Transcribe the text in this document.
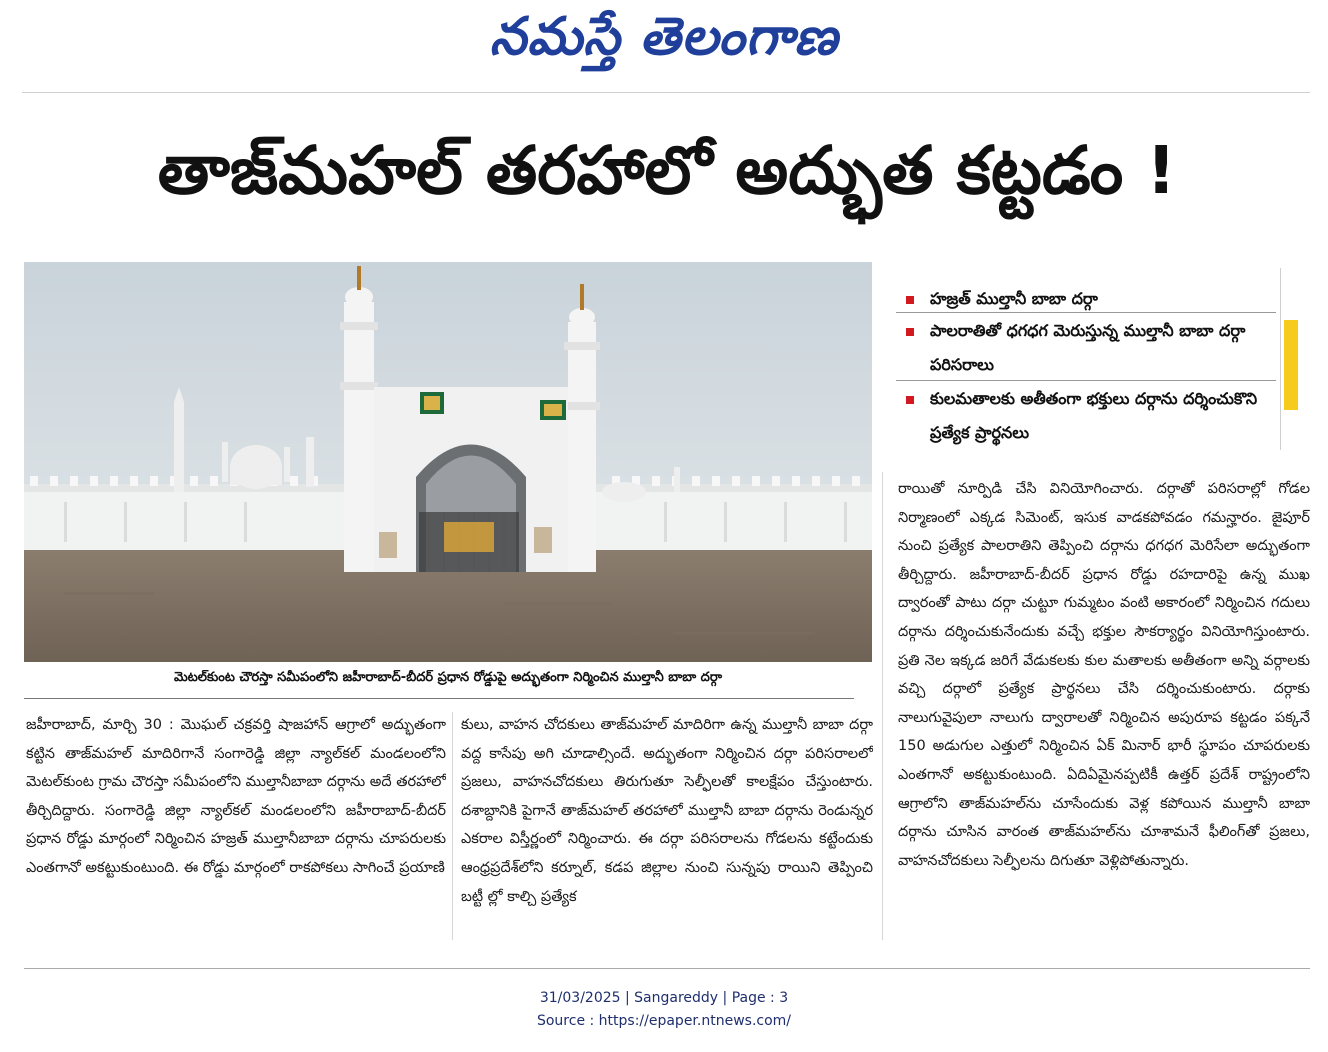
నమస్తే తెలంగాణ
తాజ్‌మహల్ తరహాలో అద్భుత కట్టడం !
మెటల్‌కుంట చౌరస్తా సమీపంలోని జహీరాబాద్-బీదర్ ప్రధాన రోడ్డుపై అద్భుతంగా నిర్మించిన ముల్తానీ బాబా దర్గా
హజ్రత్ ముల్తానీ బాబా దర్గా
పాలరాతితో ధగధగ మెరుస్తున్న ముల్తానీ బాబా దర్గా పరిసరాలు
కులమతాలకు అతీతంగా భక్తులు దర్గాను దర్శించుకొని ప్రత్యేక ప్రార్థనలు

జహీరాబాద్, మార్చి 30 : మొఘల్ చక్రవర్తి షాజహాన్ ఆగ్రాలో అద్భుతంగా కట్టిన తాజ్‌మహల్ మాదిరిగానే సంగారెడ్డి జిల్లా న్యాల్‌కల్ మండలంలోని మెటల్‌కుంట గ్రామ చౌరస్తా సమీపంలోని ముల్తానీబాబా దర్గాను అదే తరహాలో తీర్చిదిద్దారు. సంగారెడ్డి జిల్లా న్యాల్‌కల్ మండలంలోని జహీరాబాద్-బీదర్ ప్రధాన రోడ్డు మార్గంలో నిర్మించిన హజ్రత్ ముల్తానీబాబా దర్గాను చూపరులకు ఎంతగానో అకట్టుకుంటుంది. ఈ రోడ్డు మార్గంలో రాకపోకలు సాగించే ప్రయాణి

కులు, వాహన చోదకులు తాజ్‌మహల్ మాదిరిగా ఉన్న ముల్తానీ బాబా దర్గా వద్ద కాసేపు అగి చూడాల్సిందే. అద్భుతంగా నిర్మించిన దర్గా పరిసరాలలో ప్రజలు, వాహనచోదకులు తిరుగుతూ సెల్ఫీలతో కాలక్షేపం చేస్తుంటారు. దశాబ్దానికి పైగానే తాజ్‌మహల్ తరహాలో ముల్తానీ బాబా దర్గాను రెండున్నర ఎకరాల విస్తీర్ణంలో నిర్మించారు. ఈ దర్గా పరిసరాలను గోడలను కట్టేందుకు ఆంధ్రప్రదేశ్‌లోని కర్నూల్, కడప జిల్లాల నుంచి సున్నపు రాయిని తెప్పించి బట్టీ ల్లో కాల్చి ప్రత్యేక

రాయితో నూర్పిడి చేసి వినియోగించారు. దర్గాతో పరిసరాల్లో గోడల నిర్మాణంలో ఎక్కడ సిమెంట్, ఇసుక వాడకపోవడం గమన్హారం. జైపూర్ నుంచి ప్రత్యేక పాలరాతిని తెప్పించి దర్గాను ధగధగ మెరిసేలా అద్భుతంగా తీర్చిద్దారు. జహీరాబాద్-బీదర్ ప్రధాన రోడ్డు రహదారిపై ఉన్న ముఖ ద్వారంతో పాటు దర్గా చుట్టూ గుమ్మటం వంటి అకారంలో నిర్మించిన గదులు దర్గాను దర్శించుకునేందుకు వచ్చే భక్తుల సౌకర్యార్థం వినియోగిస్తుంటారు. ప్రతి నెల ఇక్కడ జరిగే వేడుకలకు కుల మతాలకు అతీతంగా అన్ని వర్గాలకు వచ్చి దర్గాలో ప్రత్యేక ప్రార్థనలు చేసి దర్శించుకుంటారు. దర్గాకు నాలుగువైపులా నాలుగు ద్వారాలతో నిర్మించిన అపురూప కట్టడం పక్కనే 150 అడుగుల ఎత్తులో నిర్మించిన ఏక్ మినార్ భారీ స్థూపం చూపరులకు ఎంతగానో అకట్టుకుంటుంది. ఏదిఏమైనప్పటికీ ఉత్తర్ ప్రదేశ్ రాష్ట్రంలోని ఆగ్రాలోని తాజ్‌మహల్‌ను చూసేందుకు వెళ్ల కపోయిన ముల్తానీ బాబా దర్గాను చూసిన వారంత తాజ్‌మహల్‌ను చూశామనే ఫీలింగ్‌తో ప్రజలు, వాహనచోదకులు సెల్ఫీలను దిగుతూ వెళ్లిపోతున్నారు.

31/03/2025 | Sangareddy | Page : 3
Source : https://epaper.ntnews.com/
